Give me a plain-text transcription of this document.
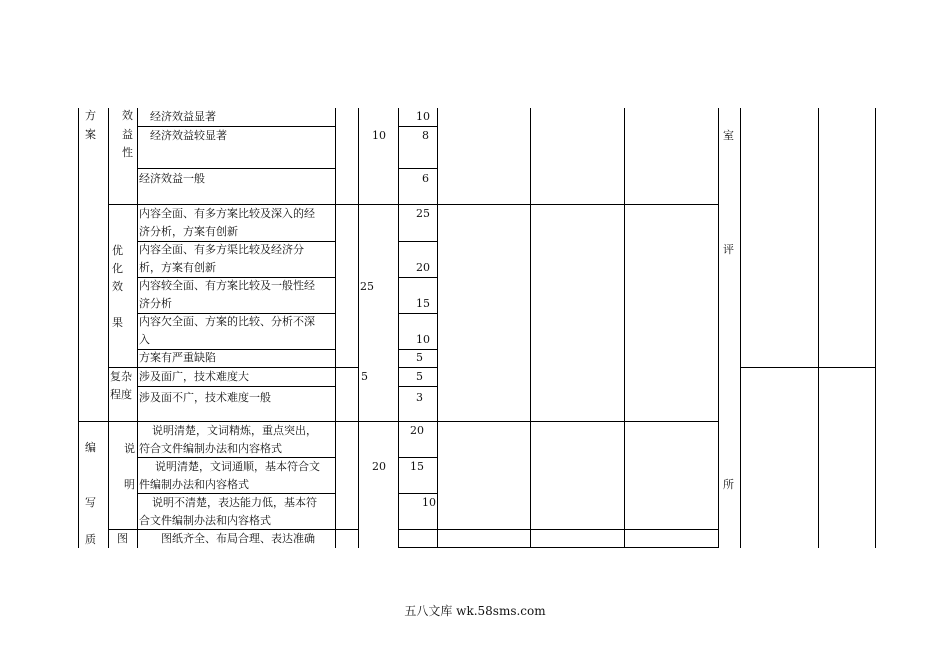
方
案
编
写
质
效
益
性
优
化
效
果
复杂
程度
说
明
图
经济效益显著
经济效益较显著
经济效益一般
内容全面、有多方案比较及深入的经
济分析，方案有创新
内容全面、有多方渠比较及经济分
析，方案有创新
内容较全面、有方案比较及一般性经
济分析
内容欠全面、方案的比较、分析不深
入
方案有严重缺陷
涉及面广，技术难度大
涉及面不广，技术难度一般
说明清楚，文词精炼，重点突出，
符合文件编制办法和内容格式
说明清楚，文词通顺，基本符合文
件编制办法和内容格式
说明不清楚，表达能力低，基本符
合文件编制办法和内容格式
图纸齐全、布局合理、表达准确
10
25
5
20
10
8
6
25
20
15
10
5
5
3
20
15
10
室
评
所
五八文库 wk.58sms.com
